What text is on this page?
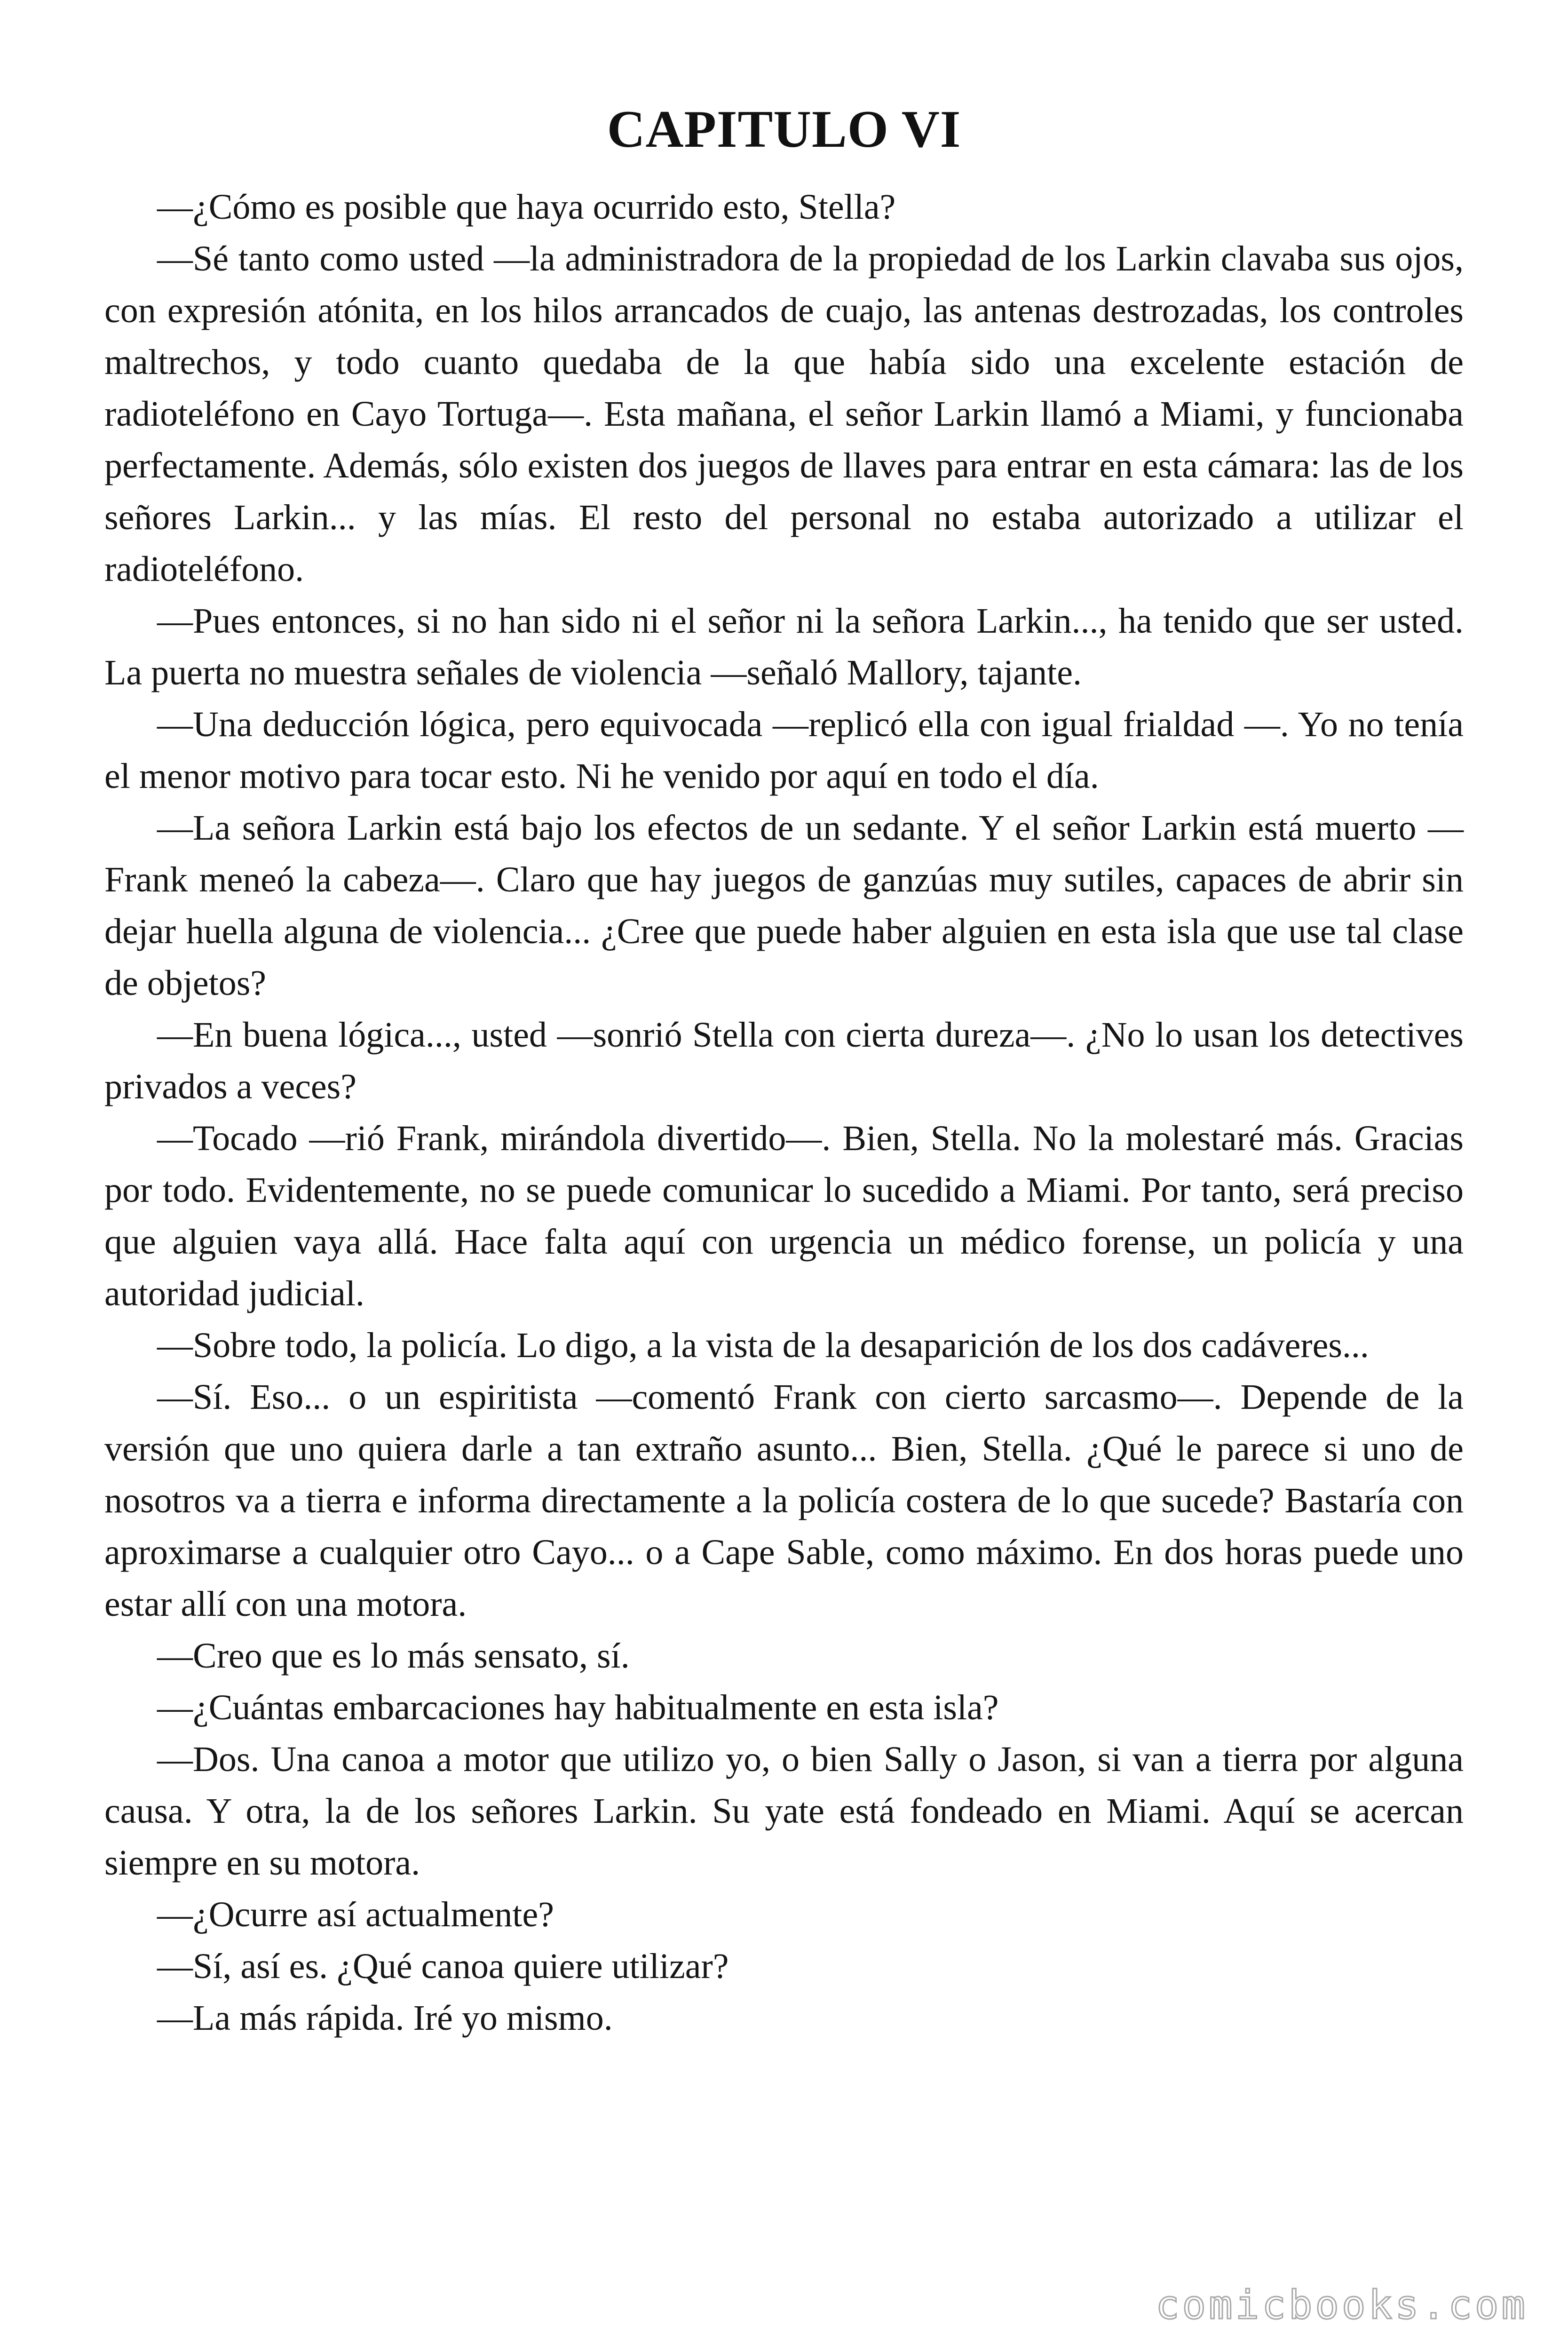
CAPITULO VI

—¿Cómo es posible que haya ocurrido esto, Stella?

—Sé tanto como usted —la administradora de la propiedad de los Larkin clavaba sus ojos, con expresión atónita, en los hilos arrancados de cuajo, las antenas destrozadas, los controles maltrechos, y todo cuanto quedaba de la que había sido una excelente estación de radioteléfono en Cayo Tortuga—. Esta mañana, el señor Larkin llamó a Miami, y funcionaba perfectamente. Además, sólo existen dos juegos de llaves para entrar en esta cámara: las de los señores Larkin... y las mías. El resto del personal no estaba autorizado a utilizar el radioteléfono.

—Pues entonces, si no han sido ni el señor ni la señora Larkin..., ha tenido que ser usted. La puerta no muestra señales de violencia —señaló Mallory, tajante.

—Una deducción lógica, pero equivocada —replicó ella con igual frialdad —. Yo no tenía el menor motivo para tocar esto. Ni he venido por aquí en todo el día.

—La señora Larkin está bajo los efectos de un sedante. Y el señor Larkin está muerto —Frank meneó la cabeza—. Claro que hay juegos de ganzúas muy sutiles, capaces de abrir sin dejar huella alguna de violencia... ¿Cree que puede haber alguien en esta isla que use tal clase de objetos?

—En buena lógica..., usted —sonrió Stella con cierta dureza—. ¿No lo usan los detectives privados a veces?

—Tocado —rió Frank, mirándola divertido—. Bien, Stella. No la molestaré más. Gracias por todo. Evidentemente, no se puede comunicar lo sucedido a Miami. Por tanto, será preciso que alguien vaya allá. Hace falta aquí con urgencia un médico forense, un policía y una autoridad judicial.

—Sobre todo, la policía. Lo digo, a la vista de la desaparición de los dos cadáveres...

—Sí. Eso... o un espiritista —comentó Frank con cierto sarcasmo—. Depende de la versión que uno quiera darle a tan extraño asunto... Bien, Stella. ¿Qué le parece si uno de nosotros va a tierra e informa directamente a la policía costera de lo que sucede? Bastaría con aproximarse a cualquier otro Cayo... o a Cape Sable, como máximo. En dos horas puede uno estar allí con una motora.

—Creo que es lo más sensato, sí.

—¿Cuántas embarcaciones hay habitualmente en esta isla?

—Dos. Una canoa a motor que utilizo yo, o bien Sally o Jason, si van a tierra por alguna causa. Y otra, la de los señores Larkin. Su yate está fondeado en Miami. Aquí se acercan siempre en su motora.

—¿Ocurre así actualmente?

—Sí, así es. ¿Qué canoa quiere utilizar?

—La más rápida. Iré yo mismo.

comicbooks.com
